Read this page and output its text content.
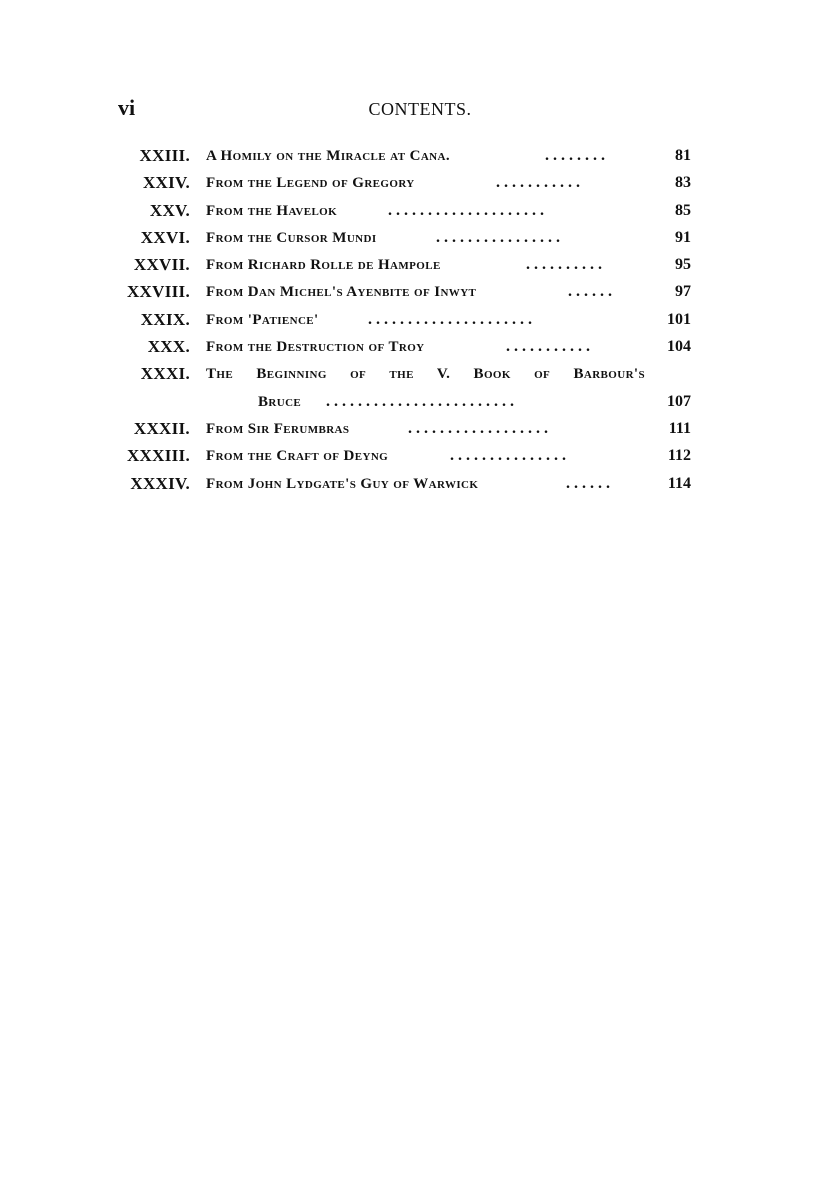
vi	CONTENTS.
XXIII. A Homily on the Miracle at Cana.	. . . . . . . .	81
XXIV. From the Legend of Gregory	. . . . . . . . . . .	83
XXV. From the Havelok	. . . . . . . . . . . . . . . . . . . .	85
XXVI. From the Cursor Mundi	. . . . . . . . . . . . . . . .	91
XXVII. From Richard Rolle de Hampole	. . . . . . . . . .	95
XXVIII. From Dan Michel's Ayenbite of Inwyt	. . . . . .	97
XXIX. From 'Patience'	. . . . . . . . . . . . . . . . . . . . .	101
XXX. From the Destruction of Troy	. . . . . . . . . . .	104
XXXI. The Beginning of the V. Book of Barbour's
Bruce . . . . . . . . . . . . . . . . . . . . . . . .	107
XXXII. From Sir Ferumbras	. . . . . . . . . . . . . . . . . .	111
XXXIII. From the Craft of Deyng	. . . . . . . . . . . . . . .	112
XXXIV. From John Lydgate's Guy of Warwick	. . . . . .	114
